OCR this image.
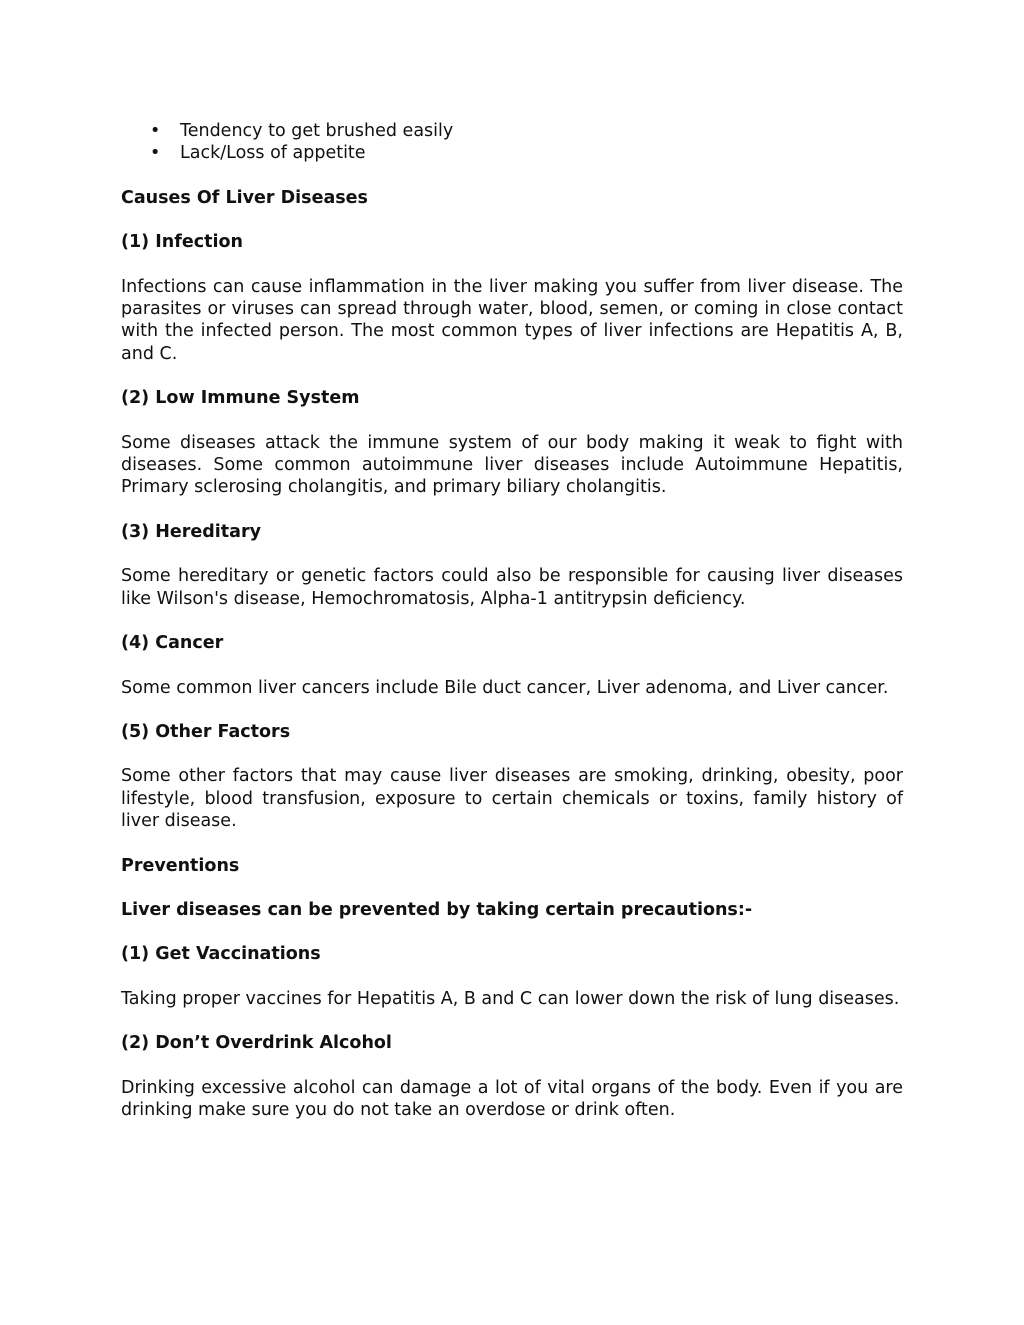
• Tendency to get brushed easily
• Lack/Loss of appetite
Causes Of Liver Diseases
(1) Infection
Infections can cause inflammation in the liver making you suffer from liver disease. The parasites or viruses can spread through water, blood, semen, or coming in close contact with the infected person. The most common types of liver infections are Hepatitis A, B, and C.
(2) Low Immune System
Some diseases attack the immune system of our body making it weak to fight with diseases. Some common autoimmune liver diseases include Autoimmune Hepatitis, Primary sclerosing cholangitis, and primary biliary cholangitis.
(3) Hereditary
Some hereditary or genetic factors could also be responsible for causing liver diseases like Wilson's disease, Hemochromatosis, Alpha-1 antitrypsin deficiency.
(4) Cancer
Some common liver cancers include Bile duct cancer, Liver adenoma, and Liver cancer.
(5) Other Factors
Some other factors that may cause liver diseases are smoking, drinking, obesity, poor lifestyle, blood transfusion, exposure to certain chemicals or toxins, family history of liver disease.
Preventions
Liver diseases can be prevented by taking certain precautions:-
(1) Get Vaccinations
Taking proper vaccines for Hepatitis A, B and C can lower down the risk of lung diseases.
(2) Don’t Overdrink Alcohol
Drinking excessive alcohol can damage a lot of vital organs of the body. Even if you are drinking make sure you do not take an overdose or drink often.
